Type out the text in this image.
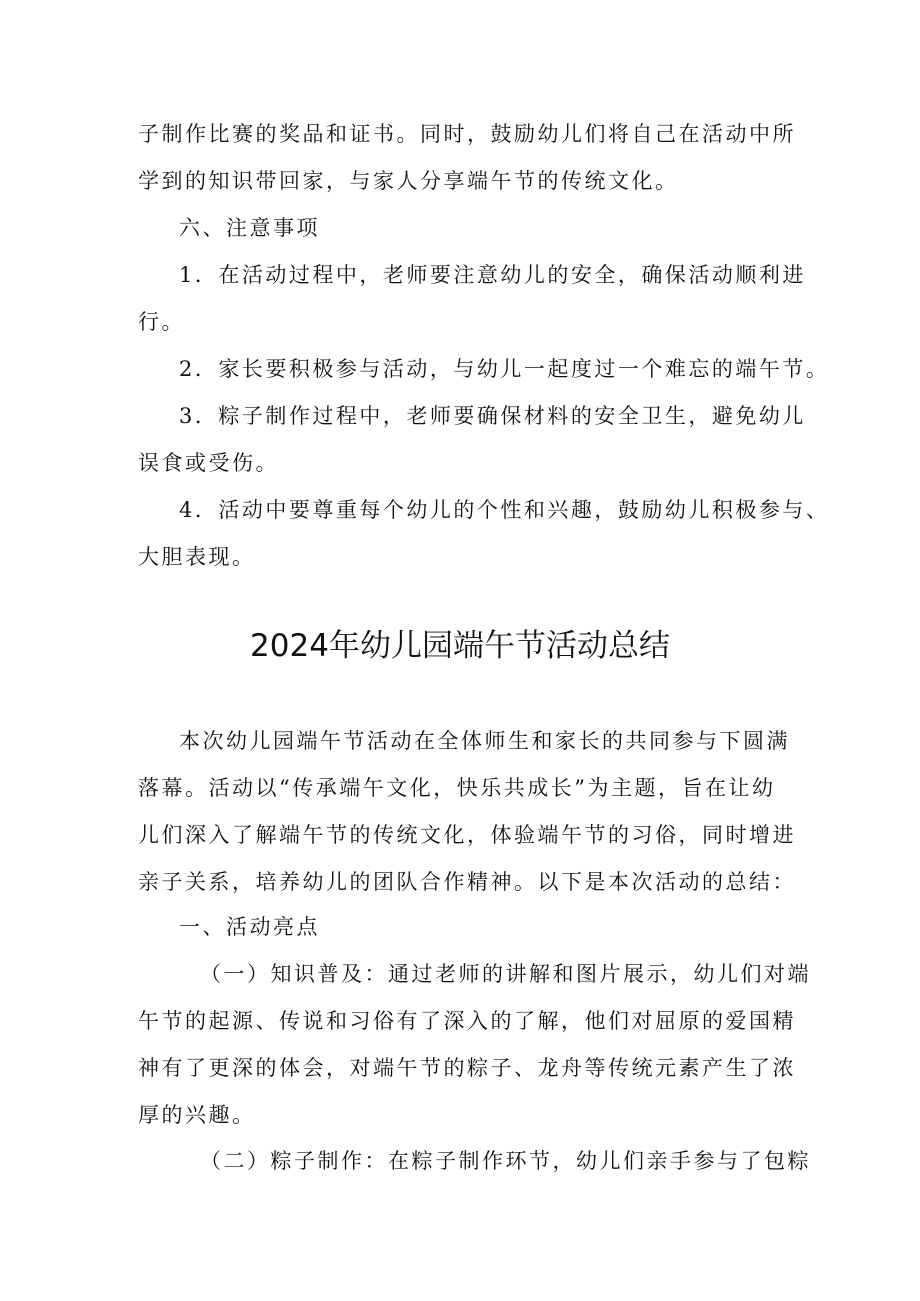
子制作比赛的奖品和证书。同时，鼓励幼儿们将自己在活动中所
学到的知识带回家，与家人分享端午节的传统文化。
六、注意事项
1．在活动过程中，老师要注意幼儿的安全，确保活动顺利进
行。
2．家长要积极参与活动，与幼儿一起度过一个难忘的端午节。
3．粽子制作过程中，老师要确保材料的安全卫生，避免幼儿
误食或受伤。
4．活动中要尊重每个幼儿的个性和兴趣，鼓励幼儿积极参与、
大胆表现。
2024年幼儿园端午节活动总结
本次幼儿园端午节活动在全体师生和家长的共同参与下圆满
落幕。活动以“传承端午文化，快乐共成长”为主题，旨在让幼
儿们深入了解端午节的传统文化，体验端午节的习俗，同时增进
亲子关系，培养幼儿的团队合作精神。以下是本次活动的总结：
一、活动亮点
（一）知识普及：通过老师的讲解和图片展示，幼儿们对端
午节的起源、传说和习俗有了深入的了解，他们对屈原的爱国精
神有了更深的体会，对端午节的粽子、龙舟等传统元素产生了浓
厚的兴趣。
（二）粽子制作：在粽子制作环节，幼儿们亲手参与了包粽
